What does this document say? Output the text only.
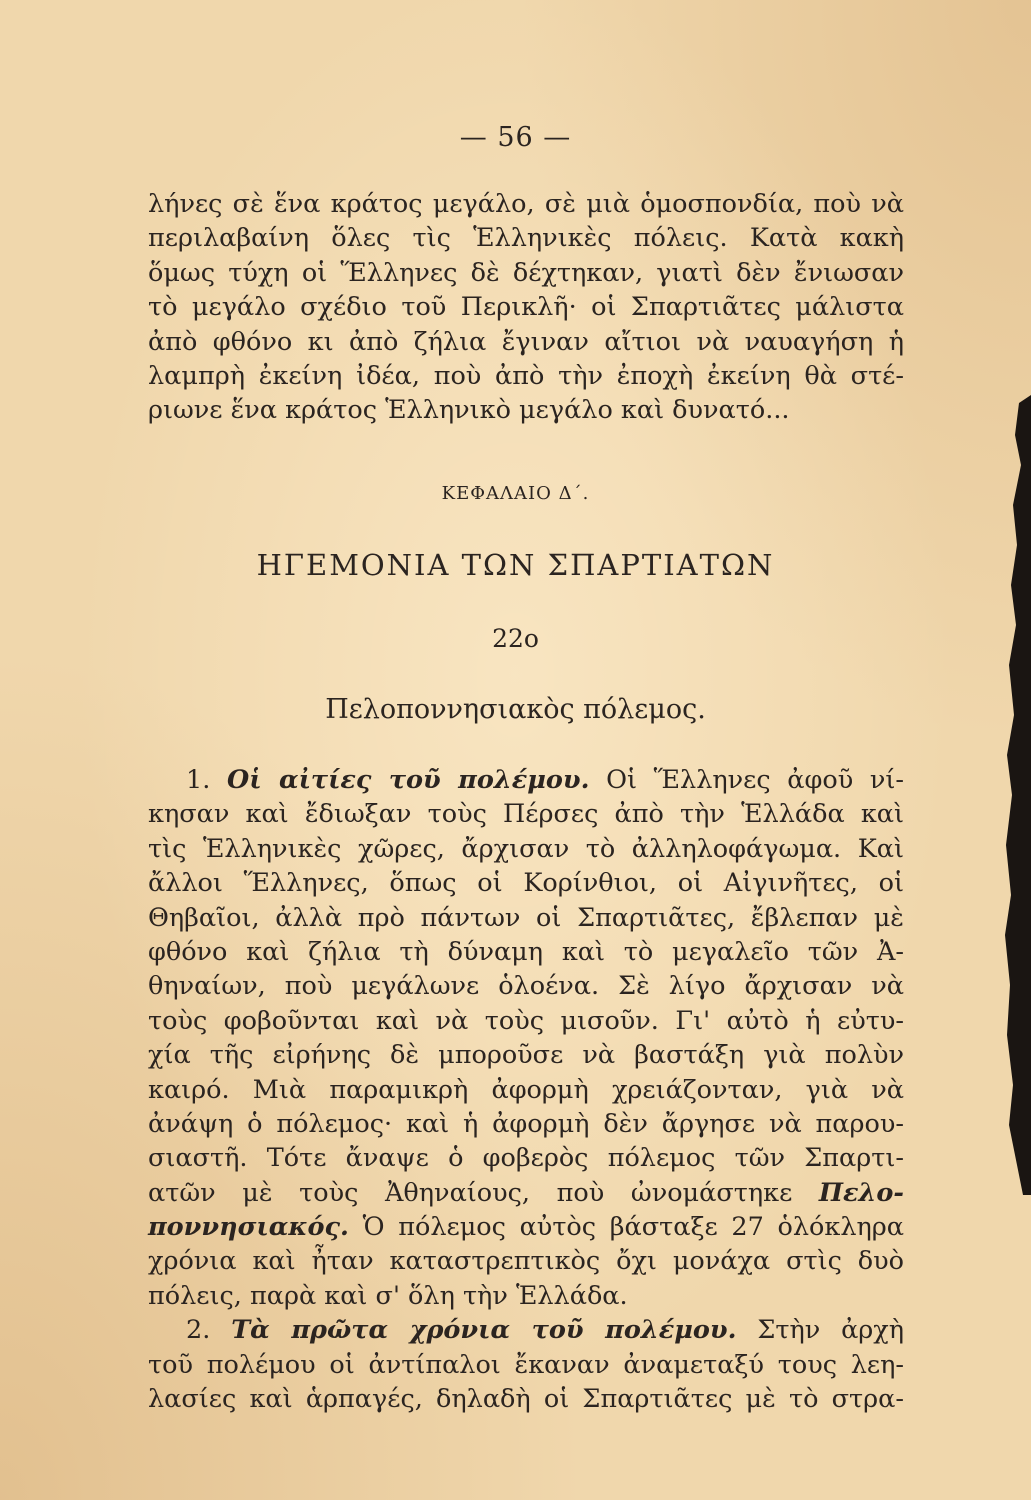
— 56 —
λήνες σὲ ἕνα κράτος μεγάλο, σὲ μιὰ ὁμοσπονδία, ποὺ νὰ
περιλαβαίνη ὅλες τὶς Ἑλληνικὲς πόλεις. Κατὰ κακὴ
ὅμως τύχη οἱ Ἕλληνες δὲ δέχτηκαν, γιατὶ δὲν ἔνιωσαν
τὸ μεγάλο σχέδιο τοῦ Περικλῆ· οἱ Σπαρτιᾶτες μάλιστα
ἀπὸ φθόνο κι ἀπὸ ζήλια ἔγιναν αἴτιοι νὰ ναυαγήση ἡ
λαμπρὴ ἐκείνη ἰδέα, ποὺ ἀπὸ τὴν ἐποχὴ ἐκείνη θὰ στέ-
ριωνε ἕνα κράτος Ἑλληνικὸ μεγάλο καὶ δυνατό...
ΚΕΦΑΛΑΙΟ Δ΄.
ΗΓΕΜΟΝΙΑ ΤΩΝ ΣΠΑΡΤΙΑΤΩΝ
22ο
Πελοποννησιακὸς πόλεμος.
1. Οἱ αἰτίες τοῦ πολέμου. Οἱ Ἕλληνες ἀφοῦ νί-
κησαν καὶ ἔδιωξαν τοὺς Πέρσες ἀπὸ τὴν Ἑλλάδα καὶ
τὶς Ἑλληνικὲς χῶρες, ἄρχισαν τὸ ἀλληλοφάγωμα. Καὶ
ἄλλοι Ἕλληνες, ὅπως οἱ Κορίνθιοι, οἱ Αἰγινῆτες, οἱ
Θηβαῖοι, ἀλλὰ πρὸ πάντων οἱ Σπαρτιᾶτες, ἔβλεπαν μὲ
φθόνο καὶ ζήλια τὴ δύναμη καὶ τὸ μεγαλεῖο τῶν Ἀ-
θηναίων, ποὺ μεγάλωνε ὁλοένα. Σὲ λίγο ἄρχισαν νὰ
τοὺς φοβοῦνται καὶ νὰ τοὺς μισοῦν. Γι' αὐτὸ ἡ εὐτυ-
χία τῆς εἰρήνης δὲ μποροῦσε νὰ βαστάξη γιὰ πολὺν
καιρό. Μιὰ παραμικρὴ ἀφορμὴ χρειάζονταν, γιὰ νὰ
ἀνάψη ὁ πόλεμος· καὶ ἡ ἀφορμὴ δὲν ἄργησε νὰ παρου-
σιαστῆ. Τότε ἄναψε ὁ φοβερὸς πόλεμος τῶν Σπαρτι-
ατῶν μὲ τοὺς Ἀθηναίους, ποὺ ὠνομάστηκε Πελο-
ποννησιακός. Ὁ πόλεμος αὐτὸς βάσταξε 27 ὁλόκληρα
χρόνια καὶ ἦταν καταστρεπτικὸς ὄχι μονάχα στὶς δυὸ
πόλεις, παρὰ καὶ σ' ὅλη τὴν Ἑλλάδα.
2. Τὰ πρῶτα χρόνια τοῦ πολέμου. Στὴν ἀρχὴ
τοῦ πολέμου οἱ ἀντίπαλοι ἔκαναν ἀναμεταξύ τους λεη-
λασίες καὶ ἁρπαγές, δηλαδὴ οἱ Σπαρτιᾶτες μὲ τὸ στρα-
